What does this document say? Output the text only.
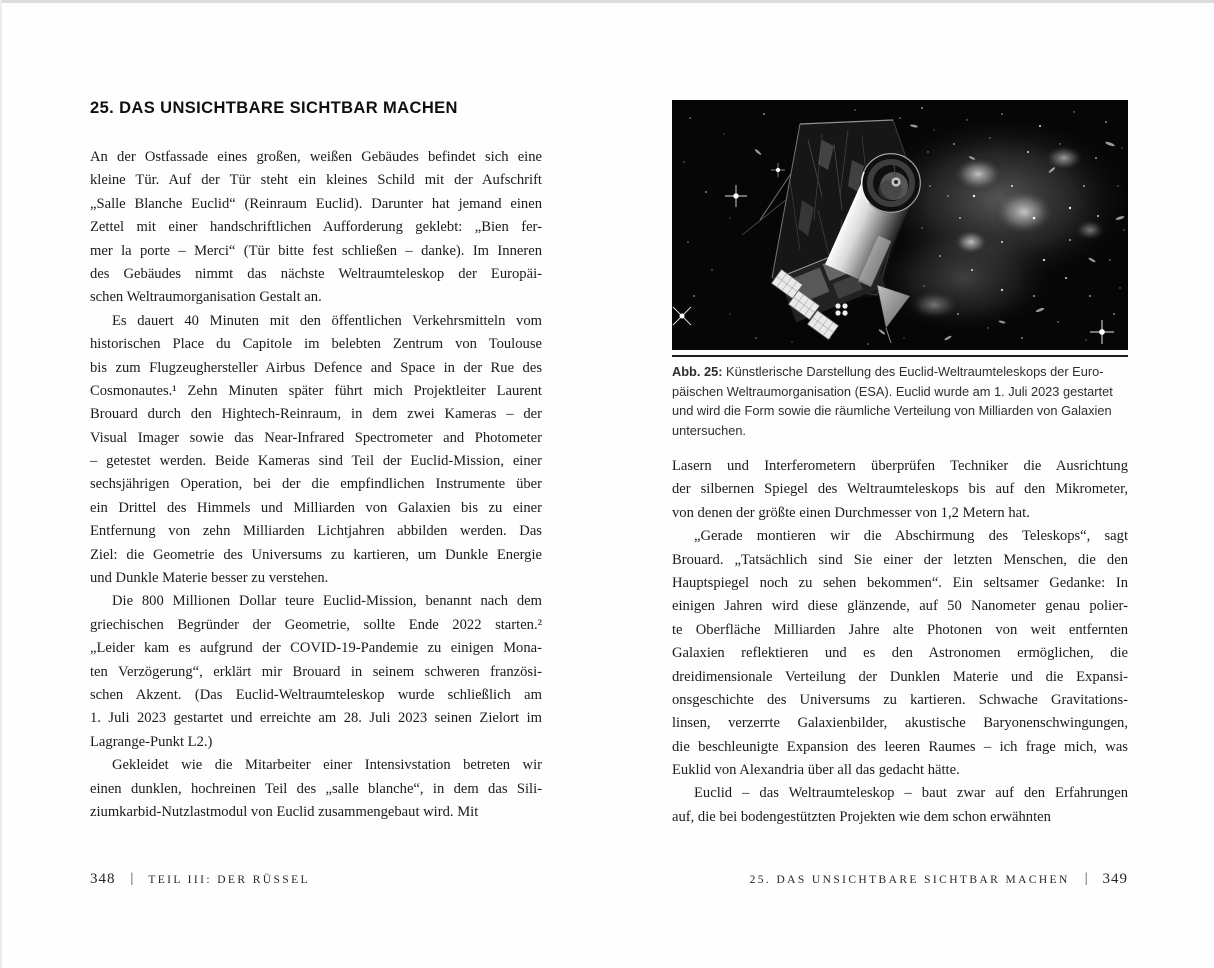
25. DAS UNSICHTBARE SICHTBAR MACHEN
An der Ostfassade eines großen, weißen Gebäudes befindet sich eine
kleine Tür. Auf der Tür steht ein kleines Schild mit der Aufschrift
„Salle Blanche Euclid“ (Reinraum Euclid). Darunter hat jemand einen
Zettel mit einer handschriftlichen Aufforderung geklebt: „Bien fer-
mer la porte – Merci“ (Tür bitte fest schließen – danke). Im Inneren
des Gebäudes nimmt das nächste Weltraumteleskop der Europäi-
schen Weltraumorganisation Gestalt an.
Es dauert 40 Minuten mit den öffentlichen Verkehrsmitteln vom
historischen Place du Capitole im belebten Zentrum von Toulouse
bis zum Flugzeughersteller Airbus Defence and Space in der Rue des
Cosmonautes.¹ Zehn Minuten später führt mich Projektleiter Laurent
Brouard durch den Hightech-Reinraum, in dem zwei Kameras – der
Visual Imager sowie das Near-Infrared Spectrometer and Photometer
– getestet werden. Beide Kameras sind Teil der Euclid-Mission, einer
sechsjährigen Operation, bei der die empfindlichen Instrumente über
ein Drittel des Himmels und Milliarden von Galaxien bis zu einer
Entfernung von zehn Milliarden Lichtjahren abbilden werden. Das
Ziel: die Geometrie des Universums zu kartieren, um Dunkle Energie
und Dunkle Materie besser zu verstehen.
Die 800 Millionen Dollar teure Euclid-Mission, benannt nach dem
griechischen Begründer der Geometrie, sollte Ende 2022 starten.²
„Leider kam es aufgrund der COVID-19-Pandemie zu einigen Mona-
ten Verzögerung“, erklärt mir Brouard in seinem schweren französi-
schen Akzent. (Das Euclid-Weltraumteleskop wurde schließlich am
1. Juli 2023 gestartet und erreichte am 28. Juli 2023 seinen Zielort im
Lagrange-Punkt L2.)
Gekleidet wie die Mitarbeiter einer Intensivstation betreten wir
einen dunklen, hochreinen Teil des „salle blanche“, in dem das Sili-
ziumkarbid-Nutzlastmodul von Euclid zusammengebaut wird. Mit
Abb. 25: Künstlerische Darstellung des Euclid-Weltraumteleskops der Euro-
päischen Weltraumorganisation (ESA). Euclid wurde am 1. Juli 2023 gestartet
und wird die Form sowie die räumliche Verteilung von Milliarden von Galaxien
untersuchen.
Lasern und Interferometern überprüfen Techniker die Ausrichtung
der silbernen Spiegel des Weltraumteleskops bis auf den Mikrometer,
von denen der größte einen Durchmesser von 1,2 Metern hat.
„Gerade montieren wir die Abschirmung des Teleskops“, sagt
Brouard. „Tatsächlich sind Sie einer der letzten Menschen, die den
Hauptspiegel noch zu sehen bekommen“. Ein seltsamer Gedanke: In
einigen Jahren wird diese glänzende, auf 50 Nanometer genau polier-
te Oberfläche Milliarden Jahre alte Photonen von weit entfernten
Galaxien reflektieren und es den Astronomen ermöglichen, die
dreidimensionale Verteilung der Dunklen Materie und die Expansi-
onsgeschichte des Universums zu kartieren. Schwache Gravitations-
linsen, verzerrte Galaxienbilder, akustische Baryonenschwingungen,
die beschleunigte Expansion des leeren Raumes – ich frage mich, was
Euklid von Alexandria über all das gedacht hätte.
Euclid – das Weltraumteleskop – baut zwar auf den Erfahrungen
auf, die bei bodengestützten Projekten wie dem schon erwähnten
348 | TEIL III: DER RÜSSEL	25. DAS UNSICHTBARE SICHTBAR MACHEN | 349
